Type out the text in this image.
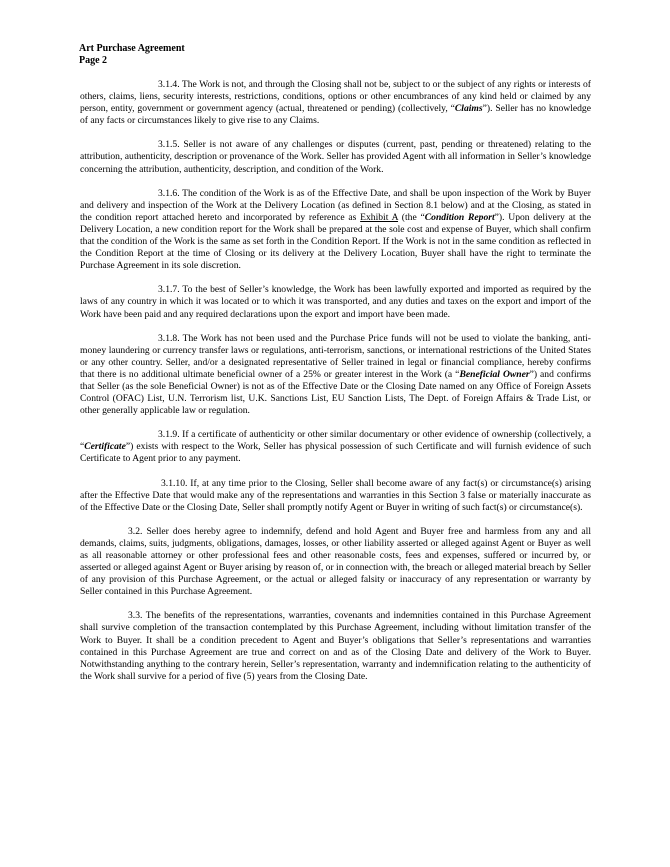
Art Purchase Agreement
Page 2

3.1.4. The Work is not, and through the Closing shall not be, subject to or the subject of any rights or interests of others, claims, liens, security interests, restrictions, conditions, options or other encumbrances of any kind held or claimed by any person, entity, government or government agency (actual, threatened or pending) (collectively, “Claims”). Seller has no knowledge of any facts or circumstances likely to give rise to any Claims.

3.1.5. Seller is not aware of any challenges or disputes (current, past, pending or threatened) relating to the attribution, authenticity, description or provenance of the Work. Seller has provided Agent with all information in Seller’s knowledge concerning the attribution, authenticity, description, and condition of the Work.

3.1.6. The condition of the Work is as of the Effective Date, and shall be upon inspection of the Work by Buyer and delivery and inspection of the Work at the Delivery Location (as defined in Section 8.1 below) and at the Closing, as stated in the condition report attached hereto and incorporated by reference as Exhibit A (the “Condition Report”). Upon delivery at the Delivery Location, a new condition report for the Work shall be prepared at the sole cost and expense of Buyer, which shall confirm that the condition of the Work is the same as set forth in the Condition Report. If the Work is not in the same condition as reflected in the Condition Report at the time of Closing or its delivery at the Delivery Location, Buyer shall have the right to terminate the Purchase Agreement in its sole discretion.

3.1.7. To the best of Seller’s knowledge, the Work has been lawfully exported and imported as required by the laws of any country in which it was located or to which it was transported, and any duties and taxes on the export and import of the Work have been paid and any required declarations upon the export and import have been made.

3.1.8. The Work has not been used and the Purchase Price funds will not be used to violate the banking, anti-money laundering or currency transfer laws or regulations, anti-terrorism, sanctions, or international restrictions of the United States or any other country. Seller, and/or a designated representative of Seller trained in legal or financial compliance, hereby confirms that there is no additional ultimate beneficial owner of a 25% or greater interest in the Work (a “Beneficial Owner”) and confirms that Seller (as the sole Beneficial Owner) is not as of the Effective Date or the Closing Date named on any Office of Foreign Assets Control (OFAC) List, U.N. Terrorism list, U.K. Sanctions List, EU Sanction Lists, The Dept. of Foreign Affairs & Trade List, or other generally applicable law or regulation.

3.1.9. If a certificate of authenticity or other similar documentary or other evidence of ownership (collectively, a “Certificate”) exists with respect to the Work, Seller has physical possession of such Certificate and will furnish evidence of such Certificate to Agent prior to any payment.

3.1.10. If, at any time prior to the Closing, Seller shall become aware of any fact(s) or circumstance(s) arising after the Effective Date that would make any of the representations and warranties in this Section 3 false or materially inaccurate as of the Effective Date or the Closing Date, Seller shall promptly notify Agent or Buyer in writing of such fact(s) or circumstance(s).

3.2. Seller does hereby agree to indemnify, defend and hold Agent and Buyer free and harmless from any and all demands, claims, suits, judgments, obligations, damages, losses, or other liability asserted or alleged against Agent or Buyer as well as all reasonable attorney or other professional fees and other reasonable costs, fees and expenses, suffered or incurred by, or asserted or alleged against Agent or Buyer arising by reason of, or in connection with, the breach or alleged material breach by Seller of any provision of this Purchase Agreement, or the actual or alleged falsity or inaccuracy of any representation or warranty by Seller contained in this Purchase Agreement.

3.3. The benefits of the representations, warranties, covenants and indemnities contained in this Purchase Agreement shall survive completion of the transaction contemplated by this Purchase Agreement, including without limitation transfer of the Work to Buyer. It shall be a condition precedent to Agent and Buyer’s obligations that Seller’s representations and warranties contained in this Purchase Agreement are true and correct on and as of the Closing Date and delivery of the Work to Buyer. Notwithstanding anything to the contrary herein, Seller’s representation, warranty and indemnification relating to the authenticity of the Work shall survive for a period of five (5) years from the Closing Date.
